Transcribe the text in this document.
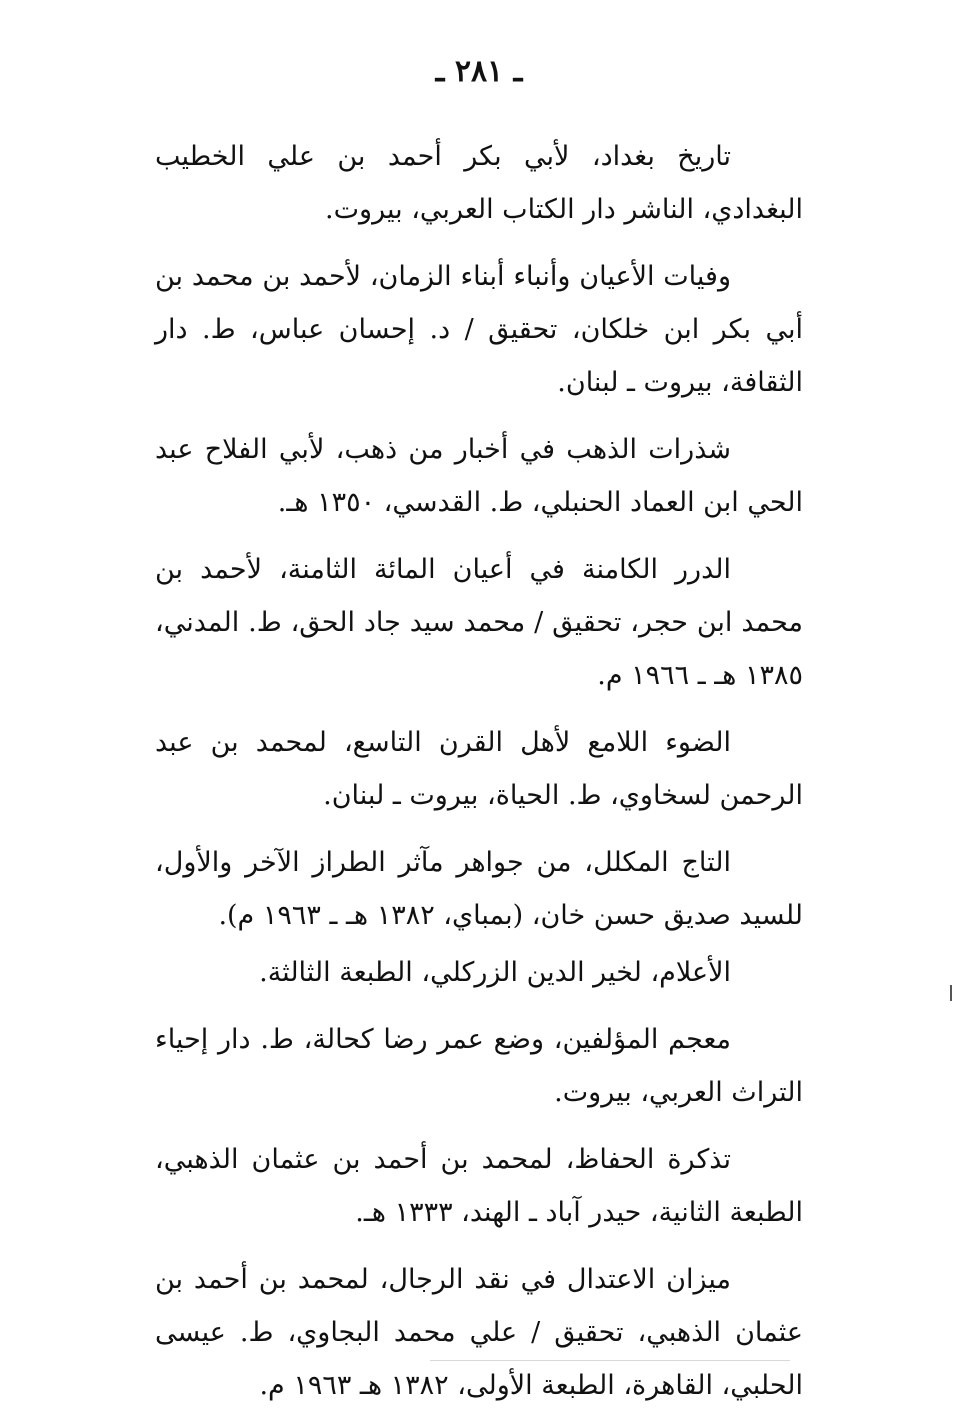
ـ ٢٨١ ـ

تاريخ بغداد، لأبي بكر أحمد بن علي الخطيب البغدادي، الناشر دار الكتاب العربي، بيروت.

وفيات الأعيان وأنباء أبناء الزمان، لأحمد بن محمد بن أبي بكر ابن خلكان، تحقيق / د. إحسان عباس، ط. دار الثقافة، بيروت ـ لبنان.

شذرات الذهب في أخبار من ذهب، لأبي الفلاح عبد الحي ابن العماد الحنبلي، ط. القدسي، ١٣٥٠ هـ.

الدرر الكامنة في أعيان المائة الثامنة، لأحمد بن محمد ابن حجر، تحقيق / محمد سيد جاد الحق، ط. المدني، ١٣٨٥ هـ ـ ١٩٦٦ م.

الضوء اللامع لأهل القرن التاسع، لمحمد بن عبد الرحمن لسخاوي، ط. الحياة، بيروت ـ لبنان.

التاج المكلل، من جواهر مآثر الطراز الآخر والأول، للسيد صديق حسن خان، (بمباي، ١٣٨٢ هـ ـ ١٩٦٣ م).

الأعلام، لخير الدين الزركلي، الطبعة الثالثة.

معجم المؤلفين، وضع عمر رضا كحالة، ط. دار إحياء التراث العربي، بيروت.

تذكرة الحفاظ، لمحمد بن أحمد بن عثمان الذهبي، الطبعة الثانية، حيدر آباد ـ الهند، ١٣٣٣ هـ.

ميزان الاعتدال في نقد الرجال، لمحمد بن أحمد بن عثمان الذهبي، تحقيق / علي محمد البجاوي، ط. عيسى الحلبي، القاهرة، الطبعة الأولى، ١٣٨٢ هـ ١٩٦٣ م.
